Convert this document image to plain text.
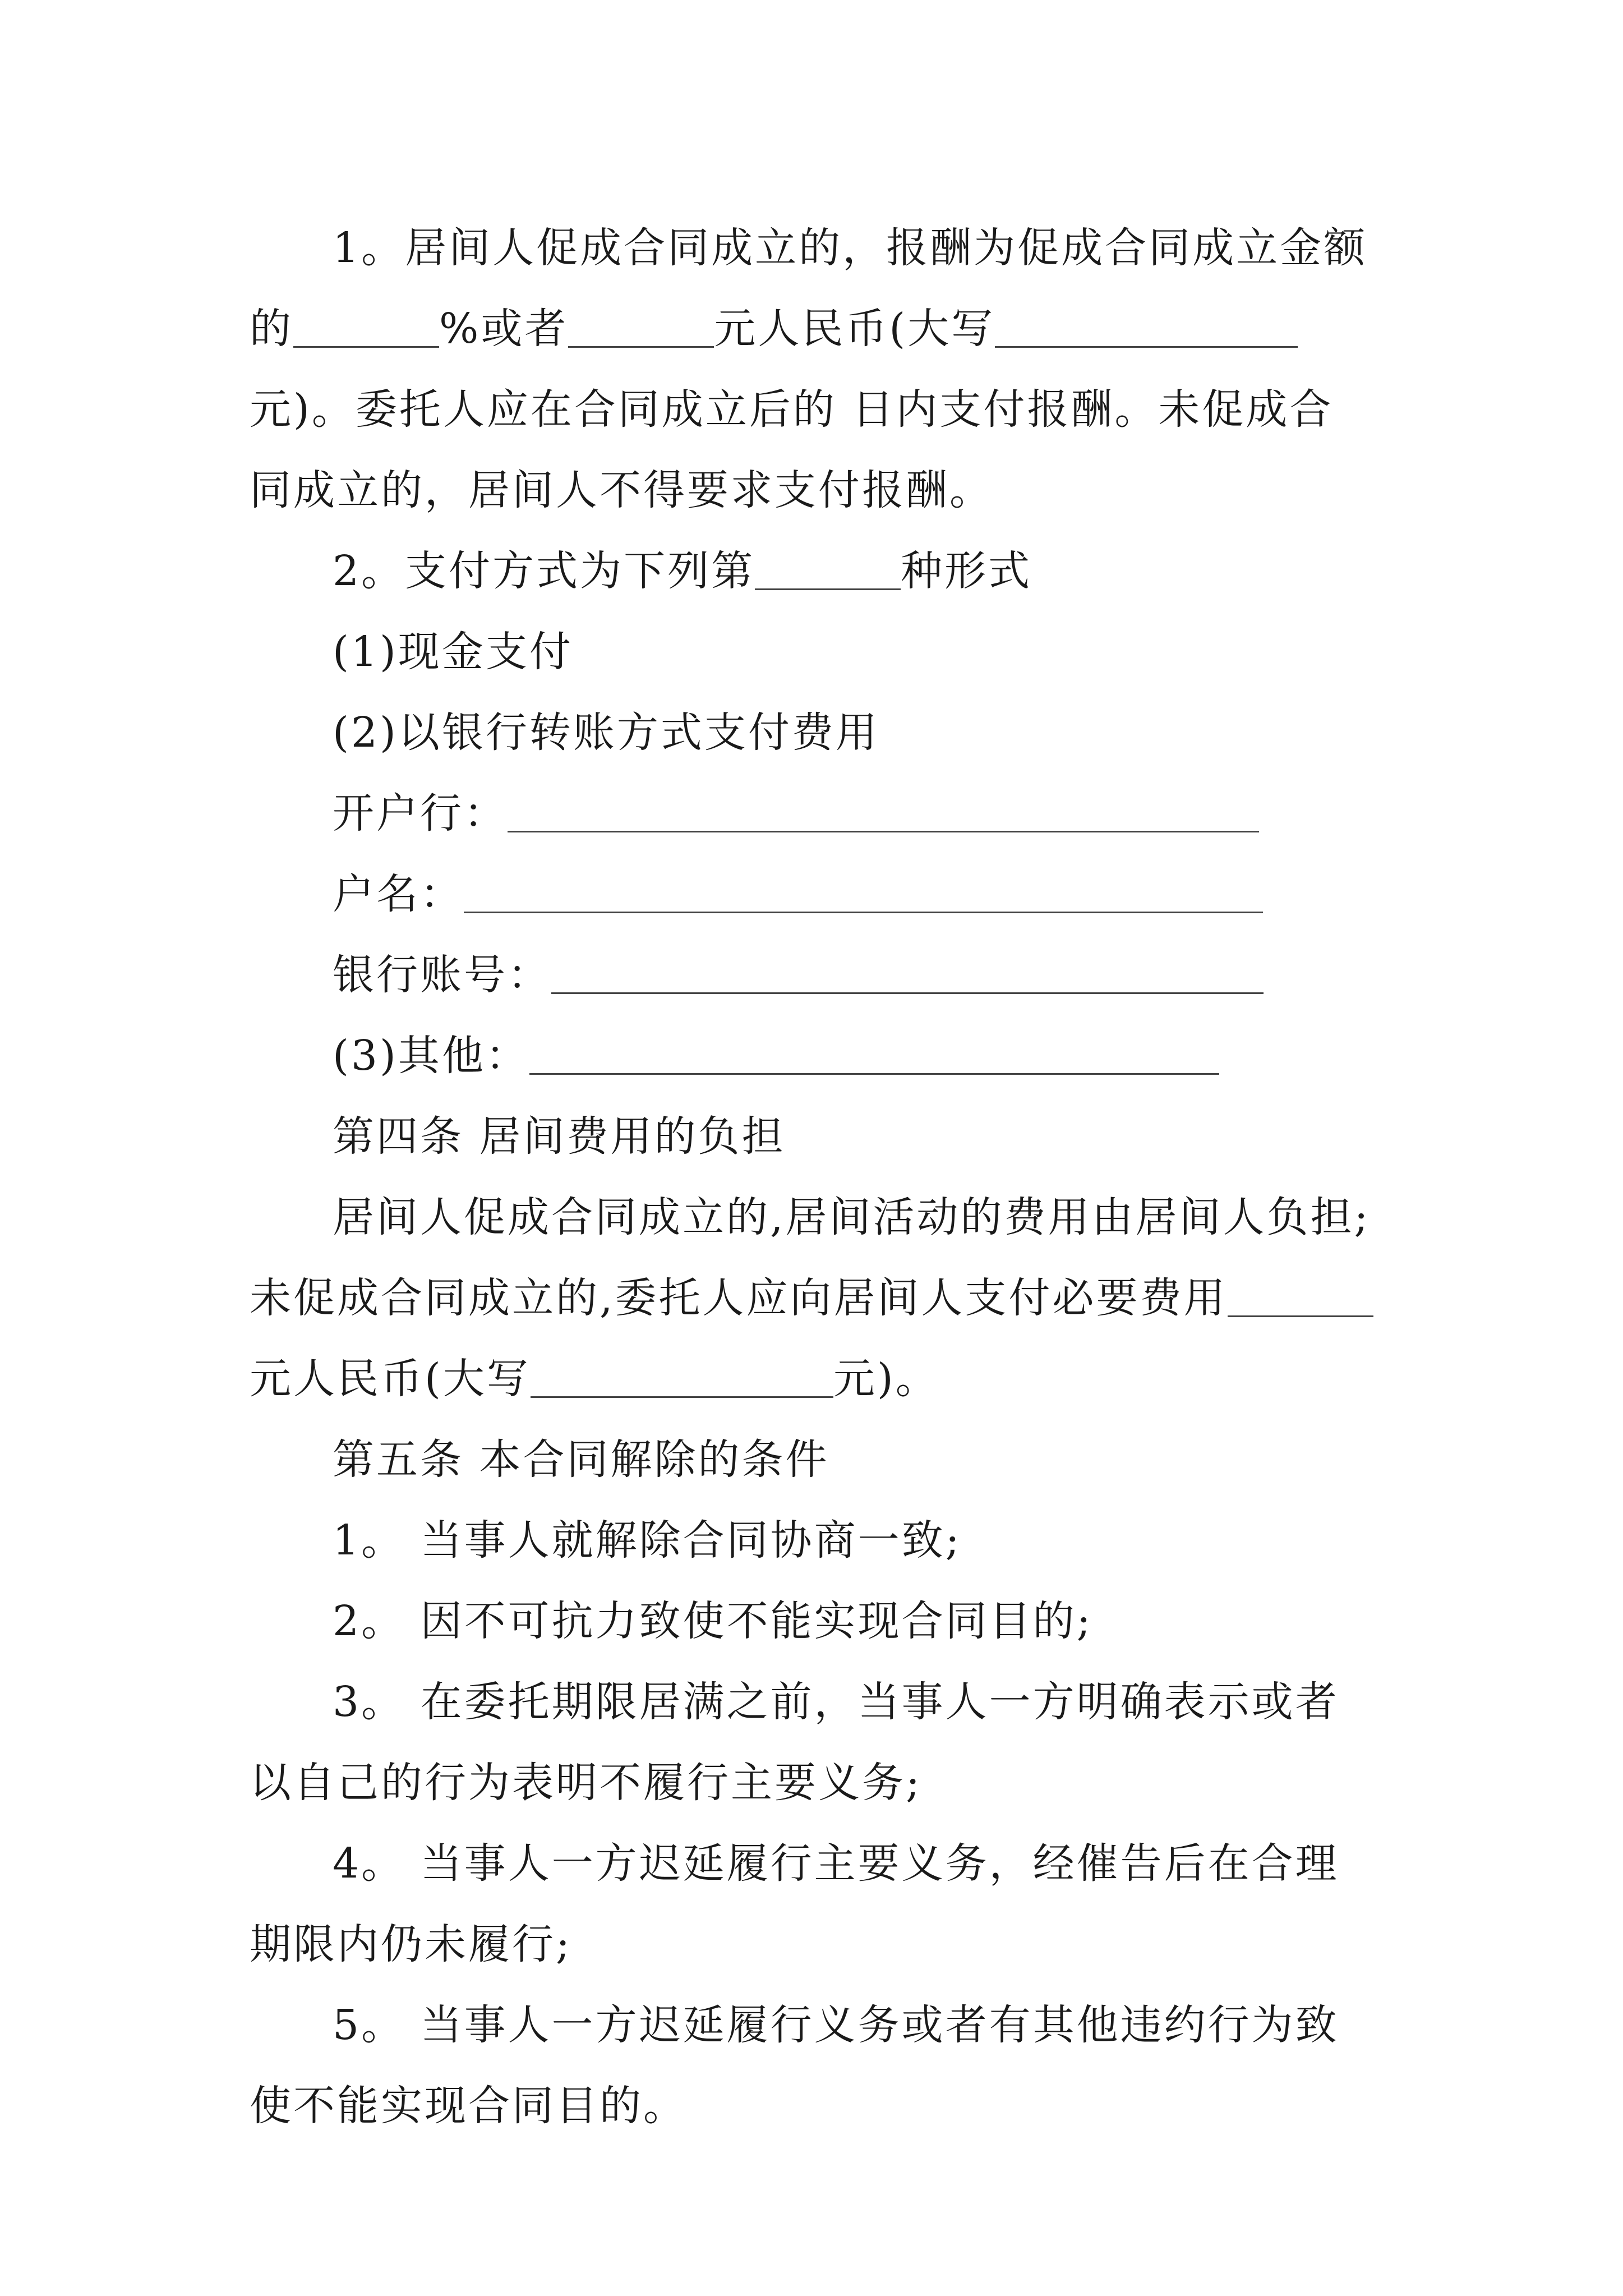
1。居间人促成合同成立的，报酬为促成合同成立金额的	%或者	元人民币(大写元)。委托人应在合同成立后的 日内支付报酬。未促成合同成立的，居间人不得要求支付报酬。

2。支付方式为下列第	种形式

(1)现金支付

(2)以银行转账方式支付费用

开户行：

户名：

银行账号：

(3)其他：

第四条 居间费用的负担

居间人促成合同成立的,居间活动的费用由居间人负担;未促成合同成立的,委托人应向居间人支付必要费用元人民币(大写	元)。

第五条 本合同解除的条件

1。 当事人就解除合同协商一致;

2。 因不可抗力致使不能实现合同目的;

3。 在委托期限居满之前，当事人一方明确表示或者以自己的行为表明不履行主要义务;

4。 当事人一方迟延履行主要义务，经催告后在合理期限内仍未履行;

5。 当事人一方迟延履行义务或者有其他违约行为致使不能实现合同目的。
